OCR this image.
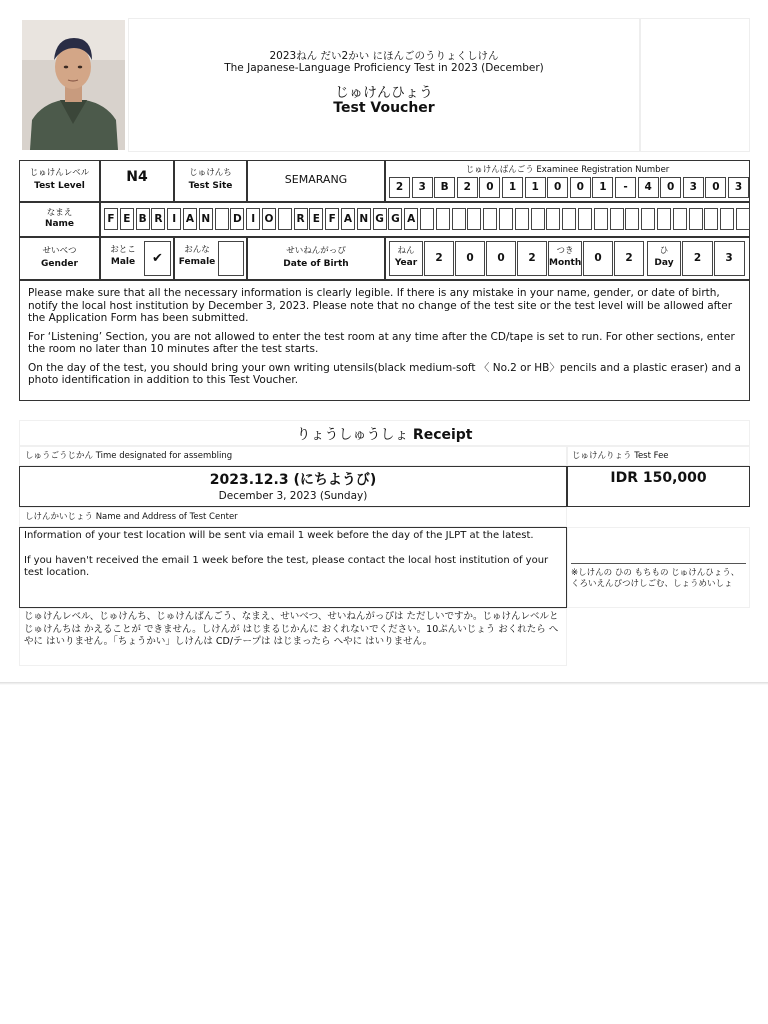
2023ねん だい2かい にほんごのうりょくしけん
The Japanese-Language Proficiency Test in 2023 (December)
じゅけんひょう
Test Voucher
じゅけんレベル
Test Level
N4	じゅけんち
Test Site	SEMARANG
じゅけんばんごう Examinee Registration Number
2	3	B	2	0	1	1	0	0	1	-	4	0	3	0	3
なまえ
Name	F E B R I A N D I O R E F A N G G A
せいべつ
Gender
おとこ
Male	✔
おんな
Female
せいねんがっぴ
Date of Birth
ねん
Year	2	0	0	2
つき
Month	0	2
ひ
Day	2	3

Please make sure that all the necessary information is clearly legible. If there is any mistake in your name, gender, or date of birth, notify the local host institution by December 3, 2023. Please note that no change of the test site or the test level will be allowed after the Application Form has been submitted.

For ‘Listening’ Section, you are not allowed to enter the test room at any time after the CD/tape is set to run. For other sections, enter the room no later than 10 minutes after the test starts.

On the day of the test, you should bring your own writing utensils(black medium-soft 〈 No.2 or HB〉pencils and a plastic eraser) and a photo identification in addition to this Test Voucher.

りょうしゅうしょ Receipt
しゅうごうじかん Time designated for assembling	じゅけんりょう Test Fee
2023.12.3 (にちようび)
December 3, 2023 (Sunday)
IDR 150,000
しけんかいじょう Name and Address of Test Center
Information of your test location will be sent via email 1 week before the day of the JLPT at the latest.
If you haven't received the email 1 week before the test, please contact the local host institution of your test location.	※しけんの ひの もちもの じゅけんひょう、くろいえんぴつけしごむ、しょうめいしょ
じゅけんレベル、じゅけんち、じゅけんばんごう、なまえ、せいべつ、せいねんがっぴは ただしいですか。じゅけんレベルとじゅけんちは かえることが できません。しけんが はじまるじかんに おくれないでください。10ぷんいじょう おくれたら へやに はいりません。「ちょうかい」しけんは CD/テープは はじまったら へやに はいりません。
